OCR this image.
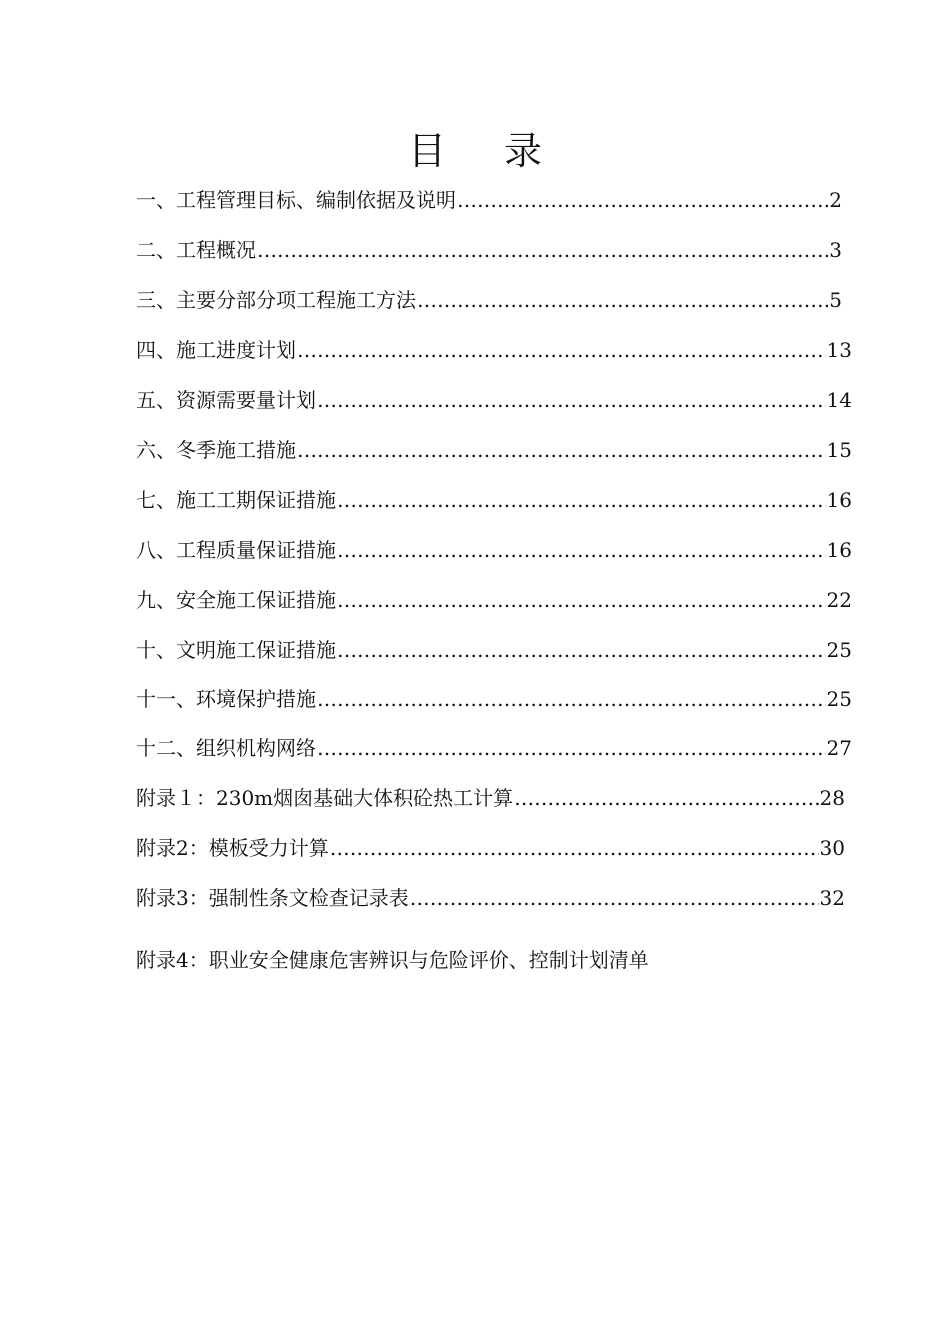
目 录
一、工程管理目标、编制依据及说明 ………………………………………………………………………………………………………………………………………………………………	2
二、工程概况 ………………………………………………………………………………………………………………………………………………………………	3
三、主要分部分项工程施工方法 ………………………………………………………………………………………………………………………………………………………………	5
四、施工进度计划 ………………………………………………………………………………………………………………………………………………………………	13
五、资源需要量计划 ………………………………………………………………………………………………………………………………………………………………	14
六、冬季施工措施 ………………………………………………………………………………………………………………………………………………………………	15
七、施工工期保证措施 ………………………………………………………………………………………………………………………………………………………………	16
八、工程质量保证措施 ………………………………………………………………………………………………………………………………………………………………	16
九、安全施工保证措施 ………………………………………………………………………………………………………………………………………………………………	22
十、文明施工保证措施 ………………………………………………………………………………………………………………………………………………………………	25
十一、环境保护措施 ………………………………………………………………………………………………………………………………………………………………	25
十二、组织机构网络 ………………………………………………………………………………………………………………………………………………………………	27
附录１：230m烟囱基础大体积砼热工计算 ………………………………………………………………………………………………………………………………………………………………	28
附录2：模板受力计算 ………………………………………………………………………………………………………………………………………………………………	30
附录3：强制性条文检查记录表 ………………………………………………………………………………………………………………………………………………………………	32
附录4：职业安全健康危害辨识与危险评价、控制计划清单
